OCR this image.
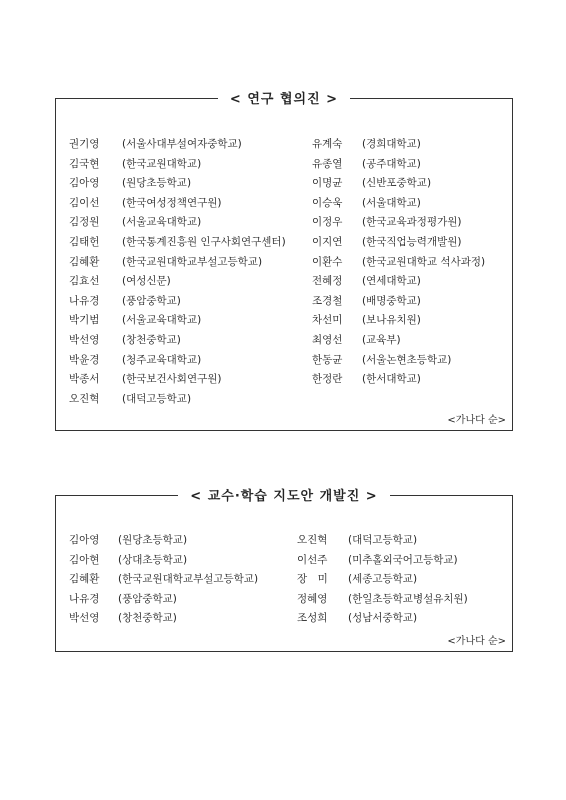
< 연구 협의진 >
권기영 (서울사대부설여자중학교)	유계숙 (경희대학교)
김국현 (한국교원대학교)	유종열 (공주대학교)
김아영 (원당초등학교)	이명균 (신반포중학교)
김이선 (한국여성정책연구원)	이승욱 (서울대학교)
김정원 (서울교육대학교)	이정우 (한국교육과정평가원)
김태헌 (한국통계진흥원 인구사회연구센터)	이지연 (한국직업능력개발원)
김혜환 (한국교원대학교부설고등학교)	이환수 (한국교원대학교 석사과정)
김효선 (여성신문)	전혜정 (연세대학교)
나유경 (풍암중학교)	조경철 (배명중학교)
박기범 (서울교육대학교)	차선미 (보나유치원)
박선영 (창천중학교)	최영선 (교육부)
박윤경 (청주교육대학교)	한동균 (서울논현초등학교)
박종서 (한국보건사회연구원)	한정란 (한서대학교)
오진혁 (대덕고등학교)
<가나다 순>
< 교수·학습 지도안 개발진 >
김아영 (원당초등학교)	오진혁 (대덕고등학교)
김아현 (상대초등학교)	이선주 (미추홀외국어고등학교)
김혜환 (한국교원대학교부설고등학교)	장　미 (세종고등학교)
나유경 (풍암중학교)	정혜영 (한일초등학교병설유치원)
박선영 (창천중학교)	조성희 (성남서중학교)
<가나다 순>
